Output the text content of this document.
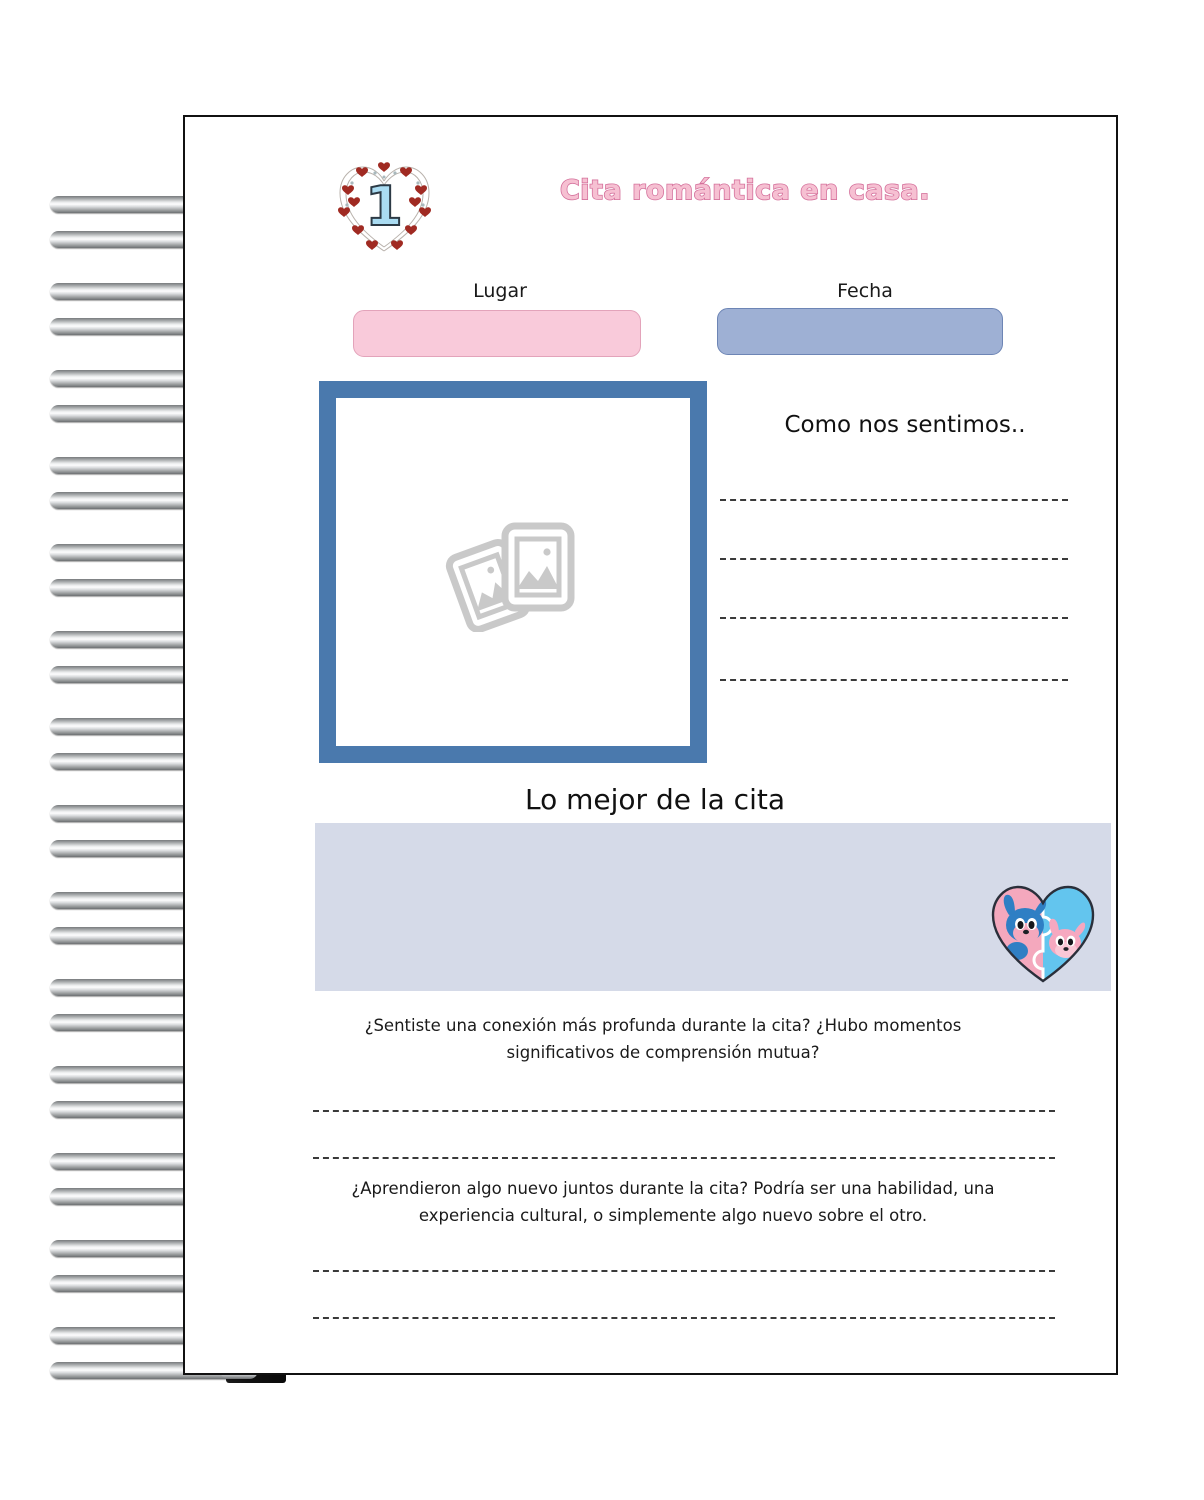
1	Cita romántica en casa.
Lugar	Fecha
Como nos sentimos..
Lo mejor de la cita
¿Sentiste una conexión más profunda durante la cita? ¿Hubo momentos significativos de comprensión mutua?
¿Aprendieron algo nuevo juntos durante la cita? Podría ser una habilidad, una experiencia cultural, o simplemente algo nuevo sobre el otro.
